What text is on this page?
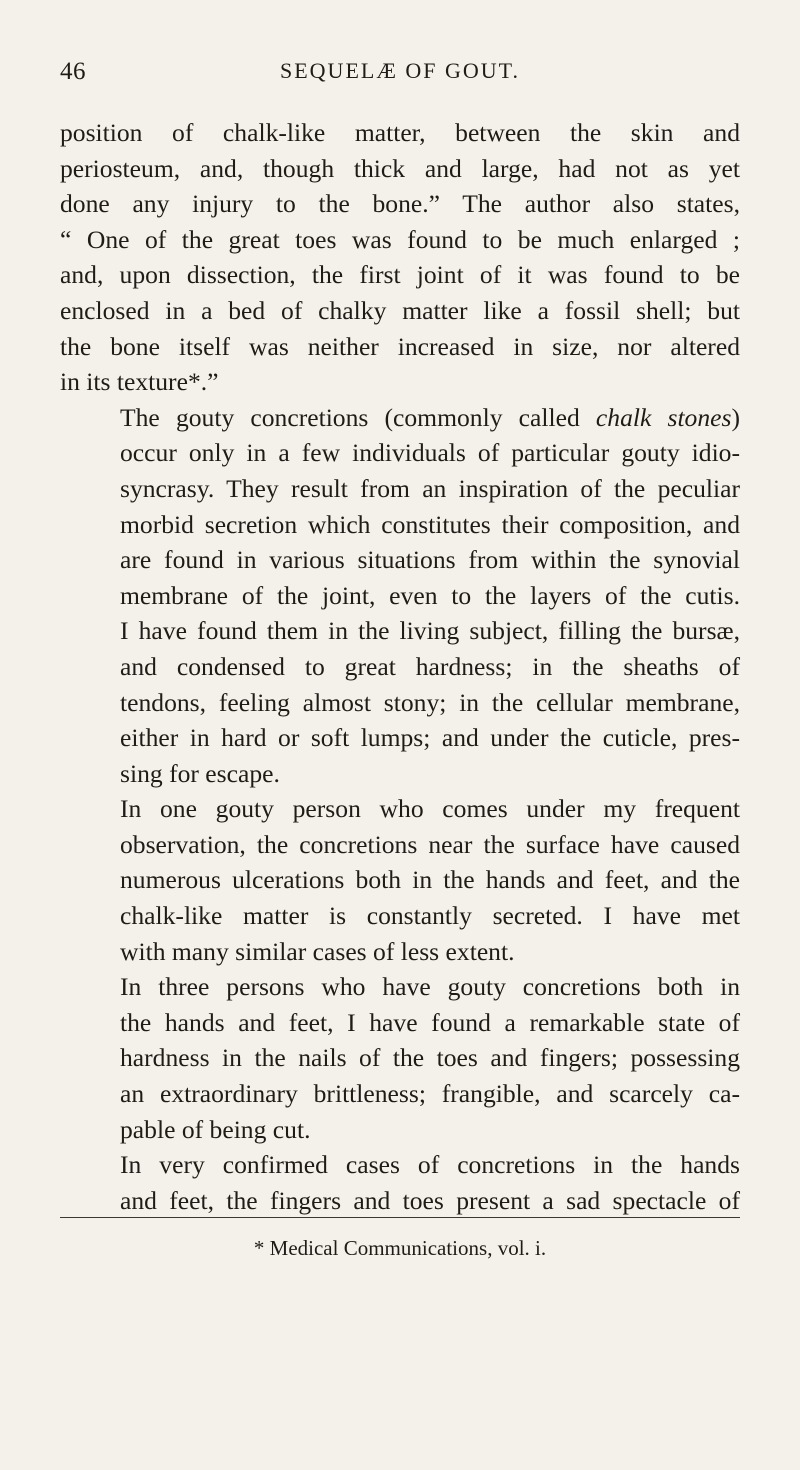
46	SEQUELÆ OF GOUT.

position of chalk-like matter, between the skin and
periosteum, and, though thick and large, had not as yet
done any injury to the bone.” The author also states,
“ One of the great toes was found to be much enlarged ;
and, upon dissection, the first joint of it was found to be
enclosed in a bed of chalky matter like a fossil shell; but
the bone itself was neither increased in size, nor altered
in its texture*.”

The gouty concretions (commonly called chalk stones)
occur only in a few individuals of particular gouty idio-
syncrasy. They result from an inspiration of the peculiar
morbid secretion which constitutes their composition, and
are found in various situations from within the synovial
membrane of the joint, even to the layers of the cutis.
I have found them in the living subject, filling the bursæ,
and condensed to great hardness; in the sheaths of
tendons, feeling almost stony; in the cellular membrane,
either in hard or soft lumps; and under the cuticle, pres-
sing for escape.

In one gouty person who comes under my frequent
observation, the concretions near the surface have caused
numerous ulcerations both in the hands and feet, and the
chalk-like matter is constantly secreted. I have met
with many similar cases of less extent.

In three persons who have gouty concretions both in
the hands and feet, I have found a remarkable state of
hardness in the nails of the toes and fingers; possessing
an extraordinary brittleness; frangible, and scarcely ca-
pable of being cut.

In very confirmed cases of concretions in the hands
and feet, the fingers and toes present a sad spectacle of

* Medical Communications, vol. i.
